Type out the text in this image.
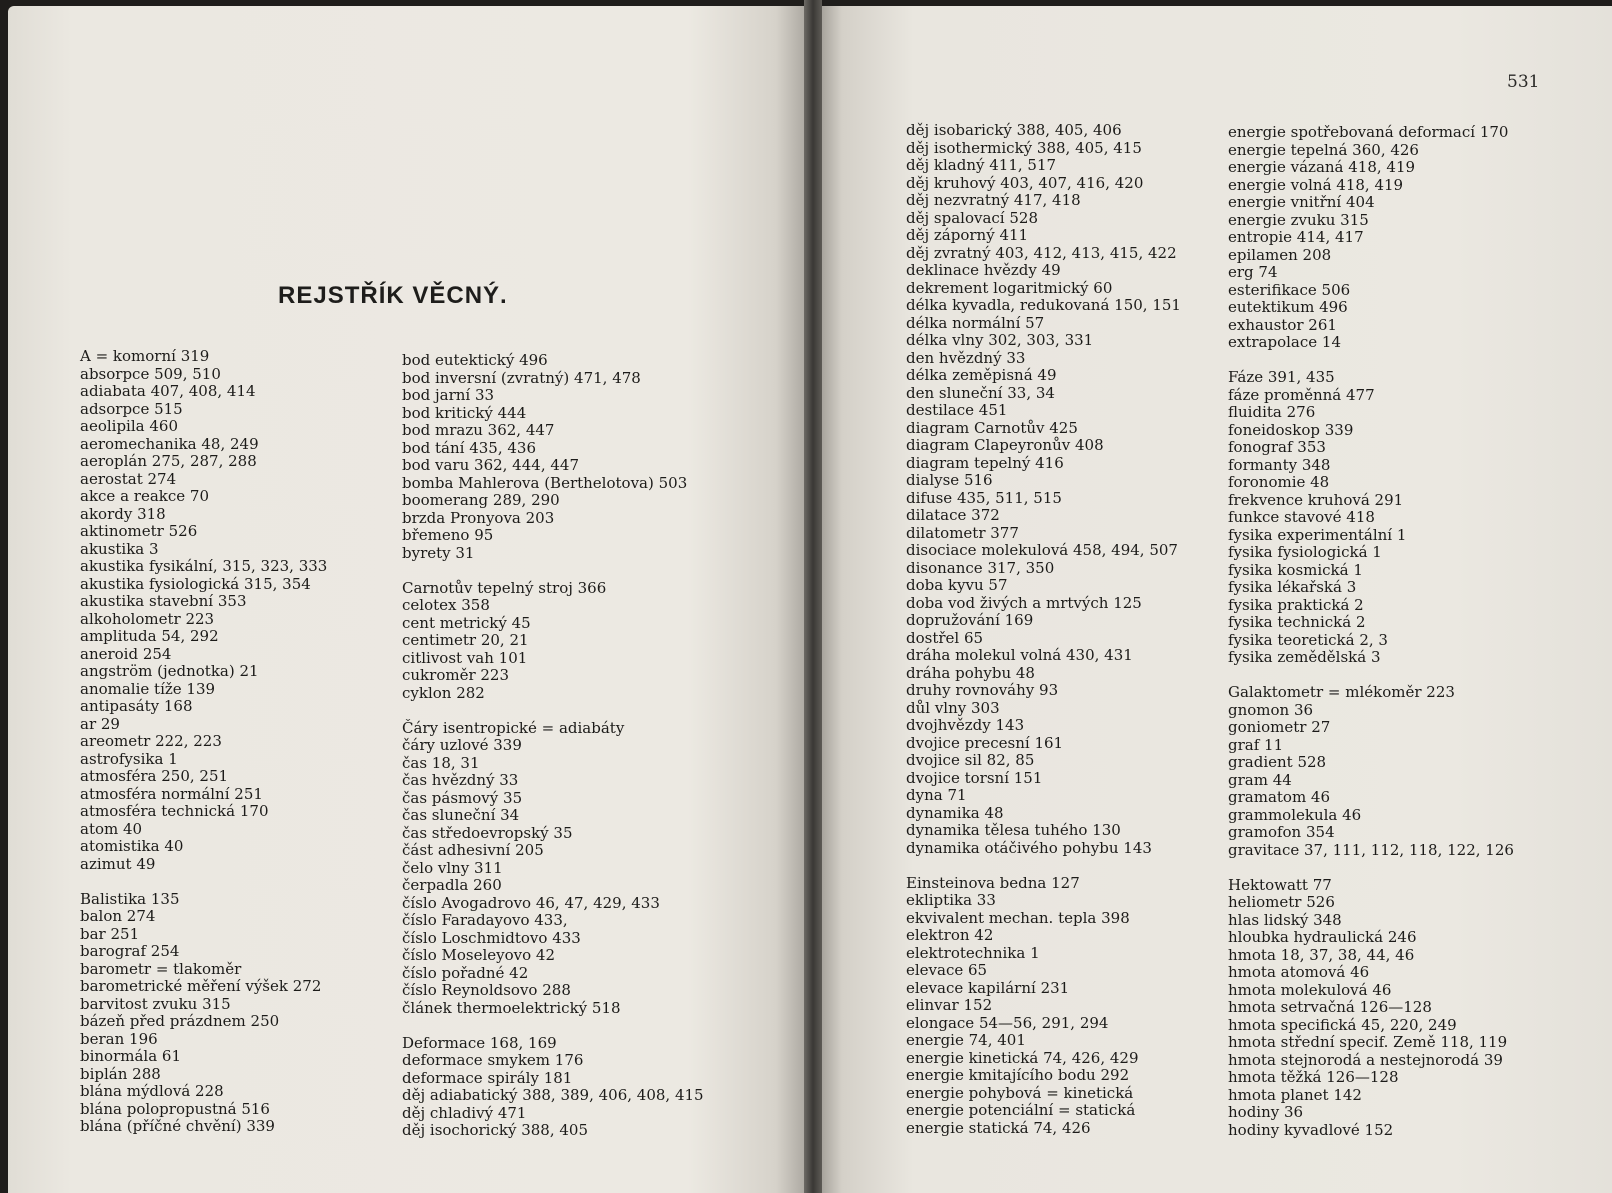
REJSTŘÍK VĚCNÝ.
531
A = komorní 319
absorpce 509, 510
adiabata 407, 408, 414
adsorpce 515
aeolipila 460
aeromechanika 48, 249
aeroplán 275, 287, 288
aerostat 274
akce a reakce 70
akordy 318
aktinometr 526
akustika 3
akustika fysikální, 315, 323, 333
akustika fysiologická 315, 354
akustika stavební 353
alkoholometr 223
amplituda 54, 292
aneroid 254
angström (jednotka) 21
anomalie tíže 139
antipasáty 168
ar 29
areometr 222, 223
astrofysika 1
atmosféra 250, 251
atmosféra normální 251
atmosféra technická 170
atom 40
atomistika 40
azimut 49
Balistika 135
balon 274
bar 251
barograf 254
barometr = tlakoměr
barometrické měření výšek 272
barvitost zvuku 315
bázeň před prázdnem 250
beran 196
binormála 61
biplán 288
blána mýdlová 228
blána polopropustná 516
blána (příčné chvění) 339
bod eutektický 496
bod inversní (zvratný) 471, 478
bod jarní 33
bod kritický 444
bod mrazu 362, 447
bod tání 435, 436
bod varu 362, 444, 447
bomba Mahlerova (Berthelotova) 503
boomerang 289, 290
brzda Pronyova 203
břemeno 95
byrety 31
Carnotův tepelný stroj 366
celotex 358
cent metrický 45
centimetr 20, 21
citlivost vah 101
cukroměr 223
cyklon 282
Čáry isentropické = adiabáty
čáry uzlové 339
čas 18, 31
čas hvězdný 33
čas pásmový 35
čas sluneční 34
čas středoevropský 35
část adhesivní 205
čelo vlny 311
čerpadla 260
číslo Avogadrovo 46, 47, 429, 433
číslo Faradayovo 433,
číslo Loschmidtovo 433
číslo Moseleyovo 42
číslo pořadné 42
číslo Reynoldsovo 288
článek thermoelektrický 518
Deformace 168, 169
deformace smykem 176
deformace spirály 181
děj adiabatický 388, 389, 406, 408, 415
děj chladivý 471
děj isochorický 388, 405
děj isobarický 388, 405, 406
děj isothermický 388, 405, 415
děj kladný 411, 517
děj kruhový 403, 407, 416, 420
děj nezvratný 417, 418
děj spalovací 528
děj záporný 411
děj zvratný 403, 412, 413, 415, 422
deklinace hvězdy 49
dekrement logaritmický 60
délka kyvadla, redukovaná 150, 151
délka normální 57
délka vlny 302, 303, 331
den hvězdný 33
délka zeměpisná 49
den sluneční 33, 34
destilace 451
diagram Carnotův 425
diagram Clapeyronův 408
diagram tepelný 416
dialyse 516
difuse 435, 511, 515
dilatace 372
dilatometr 377
disociace molekulová 458, 494, 507
disonance 317, 350
doba kyvu 57
doba vod živých a mrtvých 125
dopružování 169
dostřel 65
dráha molekul volná 430, 431
dráha pohybu 48
druhy rovnováhy 93
důl vlny 303
dvojhvězdy 143
dvojice precesní 161
dvojice sil 82, 85
dvojice torsní 151
dyna 71
dynamika 48
dynamika tělesa tuhého 130
dynamika otáčivého pohybu 143
Einsteinova bedna 127
ekliptika 33
ekvivalent mechan. tepla 398
elektron 42
elektrotechnika 1
elevace 65
elevace kapilární 231
elinvar 152
elongace 54—56, 291, 294
energie 74, 401
energie kinetická 74, 426, 429
energie kmitajícího bodu 292
energie pohybová = kinetická
energie potenciální = statická
energie statická 74, 426
energie spotřebovaná deformací 170
energie tepelná 360, 426
energie vázaná 418, 419
energie volná 418, 419
energie vnitřní 404
energie zvuku 315
entropie 414, 417
epilamen 208
erg 74
esterifikace 506
eutektikum 496
exhaustor 261
extrapolace 14
Fáze 391, 435
fáze proměnná 477
fluidita 276
foneidoskop 339
fonograf 353
formanty 348
foronomie 48
frekvence kruhová 291
funkce stavové 418
fysika experimentální 1
fysika fysiologická 1
fysika kosmická 1
fysika lékařská 3
fysika praktická 2
fysika technická 2
fysika teoretická 2, 3
fysika zemědělská 3
Galaktometr = mlékoměr 223
gnomon 36
goniometr 27
graf 11
gradient 528
gram 44
gramatom 46
grammolekula 46
gramofon 354
gravitace 37, 111, 112, 118, 122, 126
Hektowatt 77
heliometr 526
hlas lidský 348
hloubka hydraulická 246
hmota 18, 37, 38, 44, 46
hmota atomová 46
hmota molekulová 46
hmota setrvačná 126—128
hmota specifická 45, 220, 249
hmota střední specif. Země 118, 119
hmota stejnorodá a nestejnorodá 39
hmota těžká 126—128
hmota planet 142
hodiny 36
hodiny kyvadlové 152
